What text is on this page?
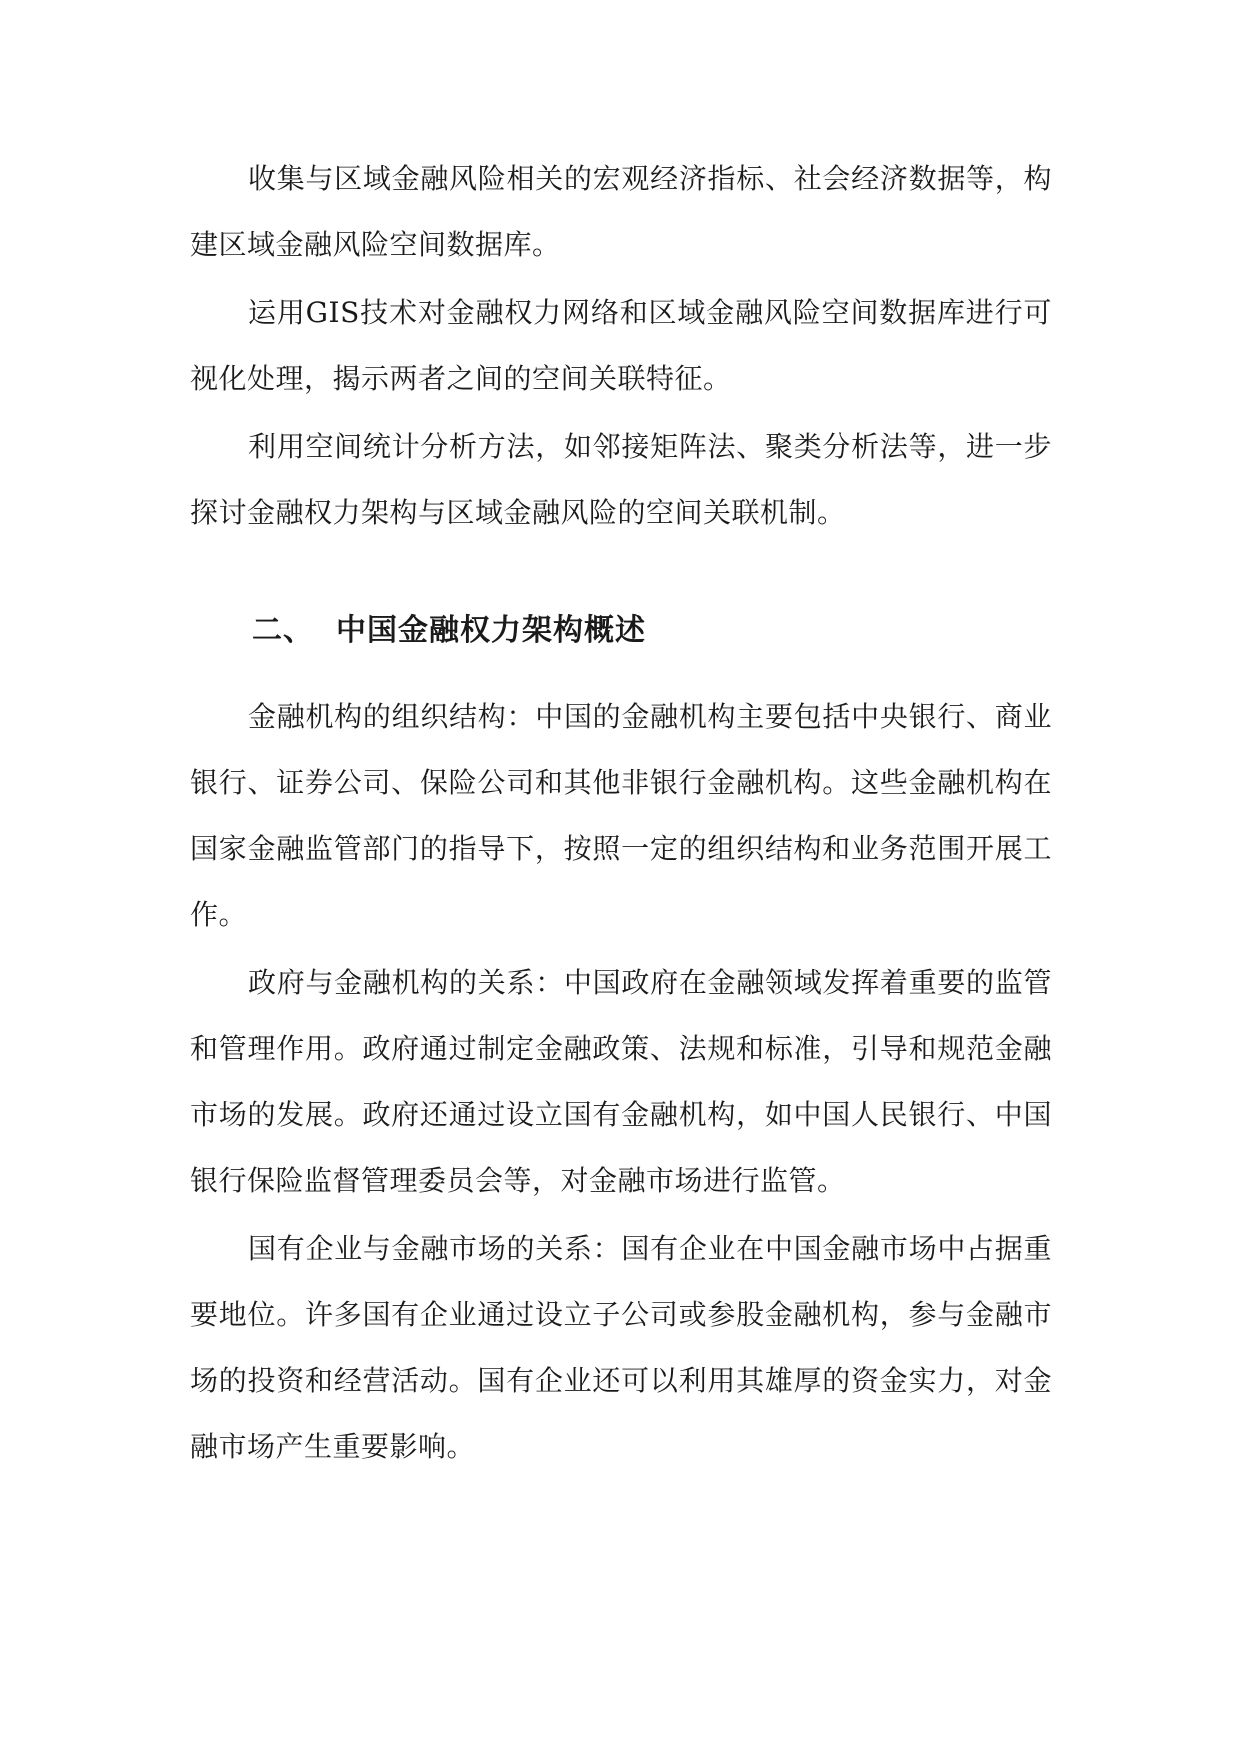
收集与区域金融风险相关的宏观经济指标、社会经济数据等，构建区域金融风险空间数据库。

运用GIS技术对金融权力网络和区域金融风险空间数据库进行可视化处理，揭示两者之间的空间关联特征。

利用空间统计分析方法，如邻接矩阵法、聚类分析法等，进一步探讨金融权力架构与区域金融风险的空间关联机制。

二、 中国金融权力架构概述

金融机构的组织结构：中国的金融机构主要包括中央银行、商业银行、证券公司、保险公司和其他非银行金融机构。这些金融机构在国家金融监管部门的指导下，按照一定的组织结构和业务范围开展工作。

政府与金融机构的关系：中国政府在金融领域发挥着重要的监管和管理作用。政府通过制定金融政策、法规和标准，引导和规范金融市场的发展。政府还通过设立国有金融机构，如中国人民银行、中国银行保险监督管理委员会等，对金融市场进行监管。

国有企业与金融市场的关系：国有企业在中国金融市场中占据重要地位。许多国有企业通过设立子公司或参股金融机构，参与金融市场的投资和经营活动。国有企业还可以利用其雄厚的资金实力，对金融市场产生重要影响。
